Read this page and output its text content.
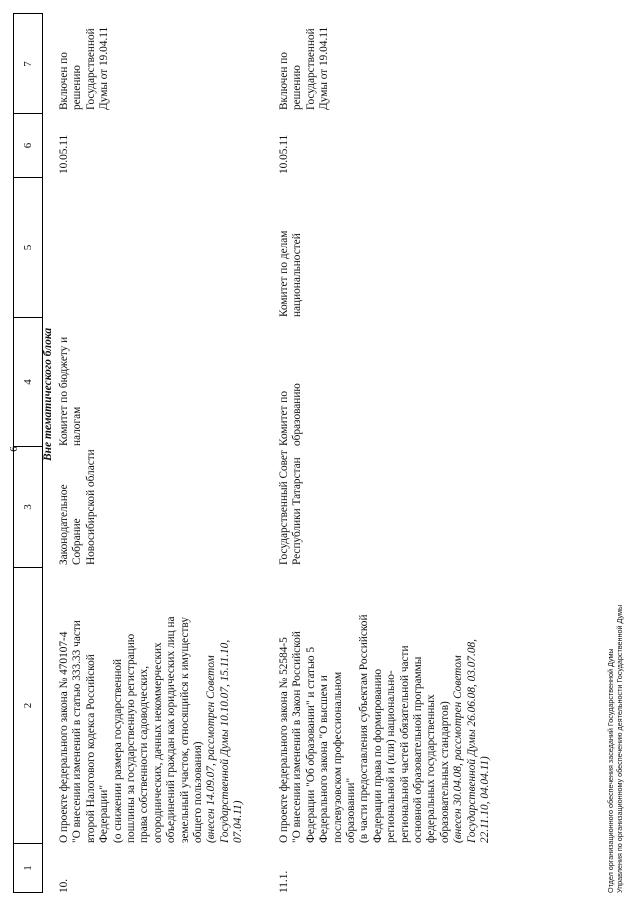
6
1
2
3
4
5
6
7
Вне тематического блока
10.
О проекте федерального закона № 470107-4 "О внесении изменений в статью 333.33 части второй Налогового кодекса Российской Федерации" (о снижении размера государственной пошлины за государственную регистрацию права собственности садоводческих, огороднических, дачных некоммерческих объединений граждан как юридических лиц на земельный участок, относящийся к имуществу общего пользования) (внесен 14.09.07, рассмотрен Советом Государственной Думы 10.10.07, 15.11.10, 07.04.11)
Законодательное Собрание Новосибирской области
Комитет по бюджету и налогам
10.05.11
Включен по решению Государственной Думы от 19.04.11
11.1.
О проекте федерального закона № 52584-5 "О внесении изменений в Закон Российской Федерации "Об образовании" и статью 5 Федерального закона "О высшем и послевузовском профессиональном образовании" (в части предоставления субъектам Российской Федерации права по формированию региональной и (или) национально- региональной частей обязательной части основной образовательной программы федеральных государственных образовательных стандартов) (внесен 30.04.08, рассмотрен Советом Государственной Думы 26.06.08, 03.07.08, 22.11.10, 04.04.11)
Государственный Совет Республики Татарстан
Комитет по образованию
Комитет по делам национальностей
10.05.11
Включен по решению Государственной Думы от 19.04.11
Отдел организационного обеспечения заседаний Государственной Думы Управления по организационному обеспечению деятельности Государственной Думы
